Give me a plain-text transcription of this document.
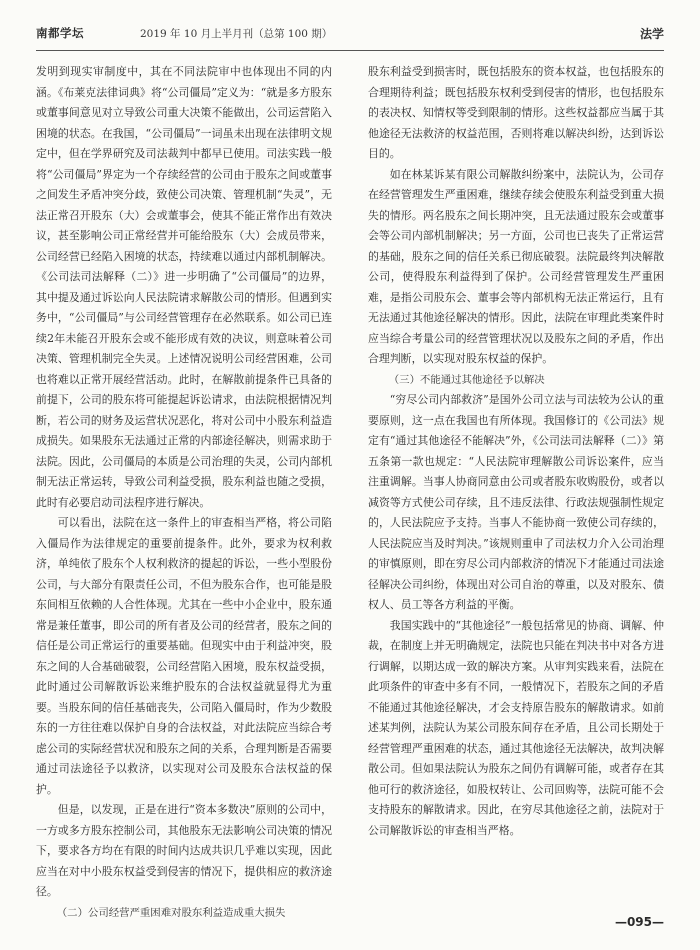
南都学坛	2019 年 10 月上半月刊（总第 100 期）	法学

发明到现实审制度中，其在不同法院审中也体现出不同的内涵。《布莱克法律词典》将“公司僵局”定义为：“就是多方股东或董事间意见对立导致公司重大决策不能做出，公司运营陷入困境的状态。在我国，“公司僵局”一词虽未出现在法律明文规定中，但在学界研究及司法裁判中都早已使用。司法实践一般将“公司僵局”界定为一个存续经营的公司由于股东之间或董事之间发生矛盾冲突分歧，致使公司决策、管理机制“失灵”，无法正常召开股东（大）会或董事会，使其不能正常作出有效决议，甚至影响公司正常经营并可能给股东（大）会成员带来，公司经营已经陷入困境的状态，持续难以通过内部机制解决。《公司法司法解释（二）》进一步明确了“公司僵局”的边界，其中提及通过诉讼向人民法院请求解散公司的情形。但遇到实务中，“公司僵局”与公司经营管理存在必然联系。如公司已连续2年未能召开股东会或不能形成有效的决议，则意味着公司决策、管理机制完全失灵。上述情况说明公司经营困难，公司也将难以正常开展经营活动。此时，在解散前提条件已具备的前提下，公司的股东将可能提起诉讼请求，由法院根据情况判断，若公司的财务及运营状况恶化，将对公司中小股东利益造成损失。如果股东无法通过正常的内部途径解决，则需求助于法院。因此，公司僵局的本质是公司治理的失灵，公司内部机制无法正常运转，导致公司利益受损，股东利益也随之受损，此时有必要启动司法程序进行解决。

可以看出，法院在这一条件上的审查相当严格，将公司陷入僵局作为法律规定的重要前提条件。此外，要求为权利救济，单纯依了股东个人权利救济的提起的诉讼，一些小型股份公司，与大部分有限责任公司，不但为股东合作，也可能是股东间相互依赖的人合性体现。尤其在一些中小企业中，股东通常是兼任董事，即公司的所有者及公司的经营者，股东之间的信任是公司正常运行的重要基础。但现实中由于利益冲突，股东之间的人合基础破裂，公司经营陷入困境，股东权益受损，此时通过公司解散诉讼来维护股东的合法权益就显得尤为重要。当股东间的信任基础丧失，公司陷入僵局时，作为少数股东的一方往往难以保护自身的合法权益，对此法院应当综合考虑公司的实际经营状况和股东之间的关系，合理判断是否需要通过司法途径予以救济，以实现对公司及股东合法权益的保护。

但是，以发现，正是在进行“资本多数决”原则的公司中，一方或多方股东控制公司，其他股东无法影响公司决策的情况下，要求各方均在有限的时间内达成共识几乎难以实现，因此应当在对中小股东权益受到侵害的情况下，提供相应的救济途径。

（二）公司经营严重困难对股东利益造成重大损失

股东利益受到损害时，既包括股东的资本权益，也包括股东的合理期待利益；既包括股东权利受到侵害的情形，也包括股东的表决权、知情权等受到限制的情形。这些权益都应当属于其他途径无法救济的权益范围，否则将难以解决纠纷，达到诉讼目的。

如在林某诉某有限公司解散纠纷案中，法院认为，公司存在经营管理发生严重困难，继续存续会使股东利益受到重大损失的情形。两名股东之间长期冲突，且无法通过股东会或董事会等公司内部机制解决；另一方面，公司也已丧失了正常运营的基础，股东之间的信任关系已彻底破裂。法院最终判决解散公司，使得股东利益得到了保护。公司经营管理发生严重困难，是指公司股东会、董事会等内部机构无法正常运行，且有无法通过其他途径解决的情形。因此，法院在审理此类案件时应当综合考量公司的经营管理状况以及股东之间的矛盾，作出合理判断，以实现对股东权益的保护。

（三）不能通过其他途径予以解决

“穷尽公司内部救济”是国外公司立法与司法较为公认的重要原则，这一点在我国也有所体现。我国修订的《公司法》规定有“通过其他途径不能解决”外，《公司法司法解释（二）》第五条第一款也规定：“人民法院审理解散公司诉讼案件，应当注重调解。当事人协商同意由公司或者股东收购股份，或者以减资等方式使公司存续，且不违反法律、行政法规强制性规定的，人民法院应予支持。当事人不能协商一致使公司存续的，人民法院应当及时判决。”该规则重申了司法权力介入公司治理的审慎原则，即在穷尽公司内部救济的情况下才能通过司法途径解决公司纠纷，体现出对公司自治的尊重，以及对股东、债权人、员工等各方利益的平衡。

我国实践中的“其他途径”一般包括常见的协商、调解、仲裁，在制度上并无明确规定，法院也只能在判决书中对各方进行调解，以期达成一致的解决方案。从审判实践来看，法院在此项条件的审查中多有不同，一般情况下，若股东之间的矛盾不能通过其他途径解决，才会支持原告股东的解散请求。如前述某判例，法院认为某公司股东间存在矛盾，且公司长期处于经营管理严重困难的状态，通过其他途径无法解决，故判决解散公司。但如果法院认为股东之间仍有调解可能，或者存在其他可行的救济途径，如股权转让、公司回购等，法院可能不会支持股东的解散请求。因此，在穷尽其他途径之前，法院对于公司解散诉讼的审查相当严格。

—095—
